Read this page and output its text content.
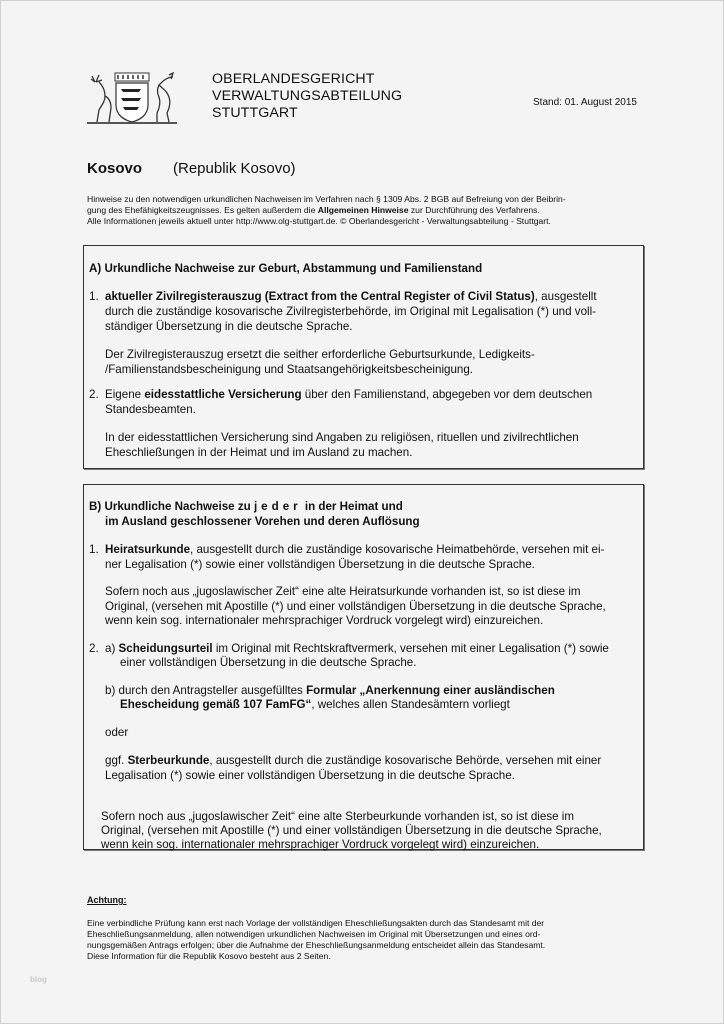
OBERLANDESGERICHT
VERWALTUNGSABTEILUNG
STUTTGART
Stand: 01. August 2015
Kosovo (Republik Kosovo)
Hinweise zu den notwendigen urkundlichen Nachweisen im Verfahren nach § 1309 Abs. 2 BGB auf Befreiung von der Beibrin-
gung des Ehefähigkeitszeugnisses. Es gelten außerdem die Allgemeinen Hinweise zur Durchführung des Verfahrens.
Alle Informationen jeweils aktuell unter http://www.olg-stuttgart.de. © Oberlandesgericht - Verwaltungsabteilung - Stuttgart.
A) Urkundliche Nachweise zur Geburt, Abstammung und Familienstand
1. aktueller Zivilregisterauszug (Extract from the Central Register of Civil Status), ausgestellt
durch die zuständige kosovarische Zivilregisterbehörde, im Original mit Legalisation (*) und voll-
ständiger Übersetzung in die deutsche Sprache.
Der Zivilregisterauszug ersetzt die seither erforderliche Geburtsurkunde, Ledigkeits-
/Familienstandsbescheinigung und Staatsangehörigkeitsbescheinigung.
2. Eigene eidesstattliche Versicherung über den Familienstand, abgegeben vor dem deutschen
Standesbeamten.
In der eidesstattlichen Versicherung sind Angaben zu religiösen, rituellen und zivilrechtlichen
Eheschließungen in der Heimat und im Ausland zu machen.
B) Urkundliche Nachweise zu jeder in der Heimat und
im Ausland geschlossener Vorehen und deren Auflösung
1. Heiratsurkunde, ausgestellt durch die zuständige kosovarische Heimatbehörde, versehen mit ei-
ner Legalisation (*) sowie einer vollständigen Übersetzung in die deutsche Sprache.
Sofern noch aus „jugoslawischer Zeit“ eine alte Heiratsurkunde vorhanden ist, so ist diese im
Original, (versehen mit Apostille (*) und einer vollständigen Übersetzung in die deutsche Sprache,
wenn kein sog. internationaler mehrsprachiger Vordruck vorgelegt wird) einzureichen.
2. a) Scheidungsurteil im Original mit Rechtskraftvermerk, versehen mit einer Legalisation (*) sowie
einer vollständigen Übersetzung in die deutsche Sprache.
b) durch den Antragsteller ausgefülltes Formular „Anerkennung einer ausländischen
Ehescheidung gemäß 107 FamFG“, welches allen Standesämtern vorliegt
oder
ggf. Sterbeurkunde, ausgestellt durch die zuständige kosovarische Behörde, versehen mit einer
Legalisation (*) sowie einer vollständigen Übersetzung in die deutsche Sprache.
Sofern noch aus „jugoslawischer Zeit“ eine alte Sterbeurkunde vorhanden ist, so ist diese im
Original, (versehen mit Apostille (*) und einer vollständigen Übersetzung in die deutsche Sprache,
wenn kein sog. internationaler mehrsprachiger Vordruck vorgelegt wird) einzureichen.
Achtung:
Eine verbindliche Prüfung kann erst nach Vorlage der vollständigen Eheschließungsakten durch das Standesamt mit der
Eheschließungsanmeldung, allen notwendigen urkundlichen Nachweisen im Original mit Übersetzungen und eines ord-
nungsgemäßen Antrags erfolgen; über die Aufnahme der Eheschließungsanmeldung entscheidet allein das Standesamt.
Diese Information für die Republik Kosovo besteht aus 2 Seiten.
blog
